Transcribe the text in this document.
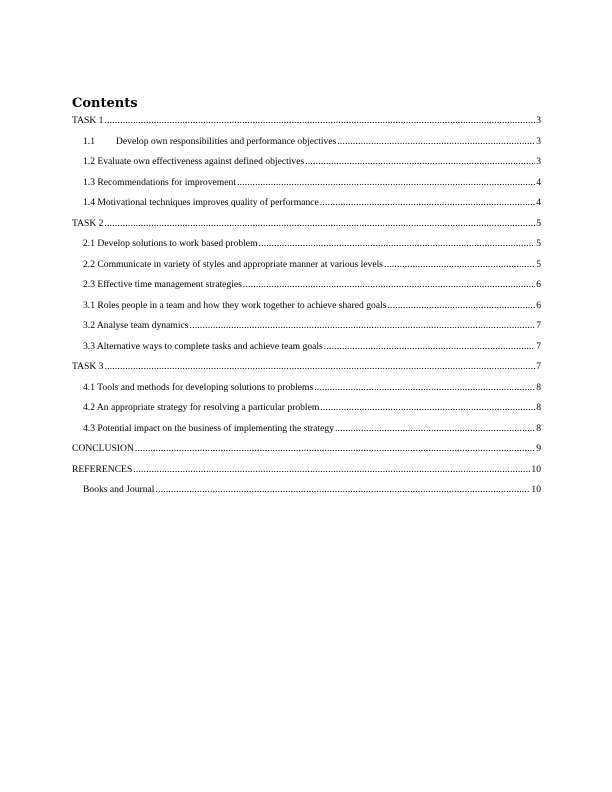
Contents
TASK 1 .....	3
1.1 Develop own responsibilities and performance objectives .....	3
1.2 Evaluate own effectiveness against defined objectives .....	3
1.3 Recommendations for improvement .....	4
1.4 Motivational techniques improves quality of performance .....	4
TASK 2 .....	5
2.1 Develop solutions to work based problem .....	5
2.2 Communicate in variety of styles and appropriate manner at various levels .....	5
2.3 Effective time management strategies .....	6
3.1 Roles people in a team and how they work together to achieve shared goals .....	6
3.2 Analyse team dynamics .....	7
3.3 Alternative ways to complete tasks and achieve team goals .....	7
TASK 3 .....	7
4.1 Tools and methods for developing solutions to problems .....	8
4.2 An appropriate strategy for resolving a particular problem .....	8
4.3 Potential impact on the business of implementing the strategy .....	8
CONCLUSION .....	9
REFERENCES .....	10
Books and Journal .....	10
